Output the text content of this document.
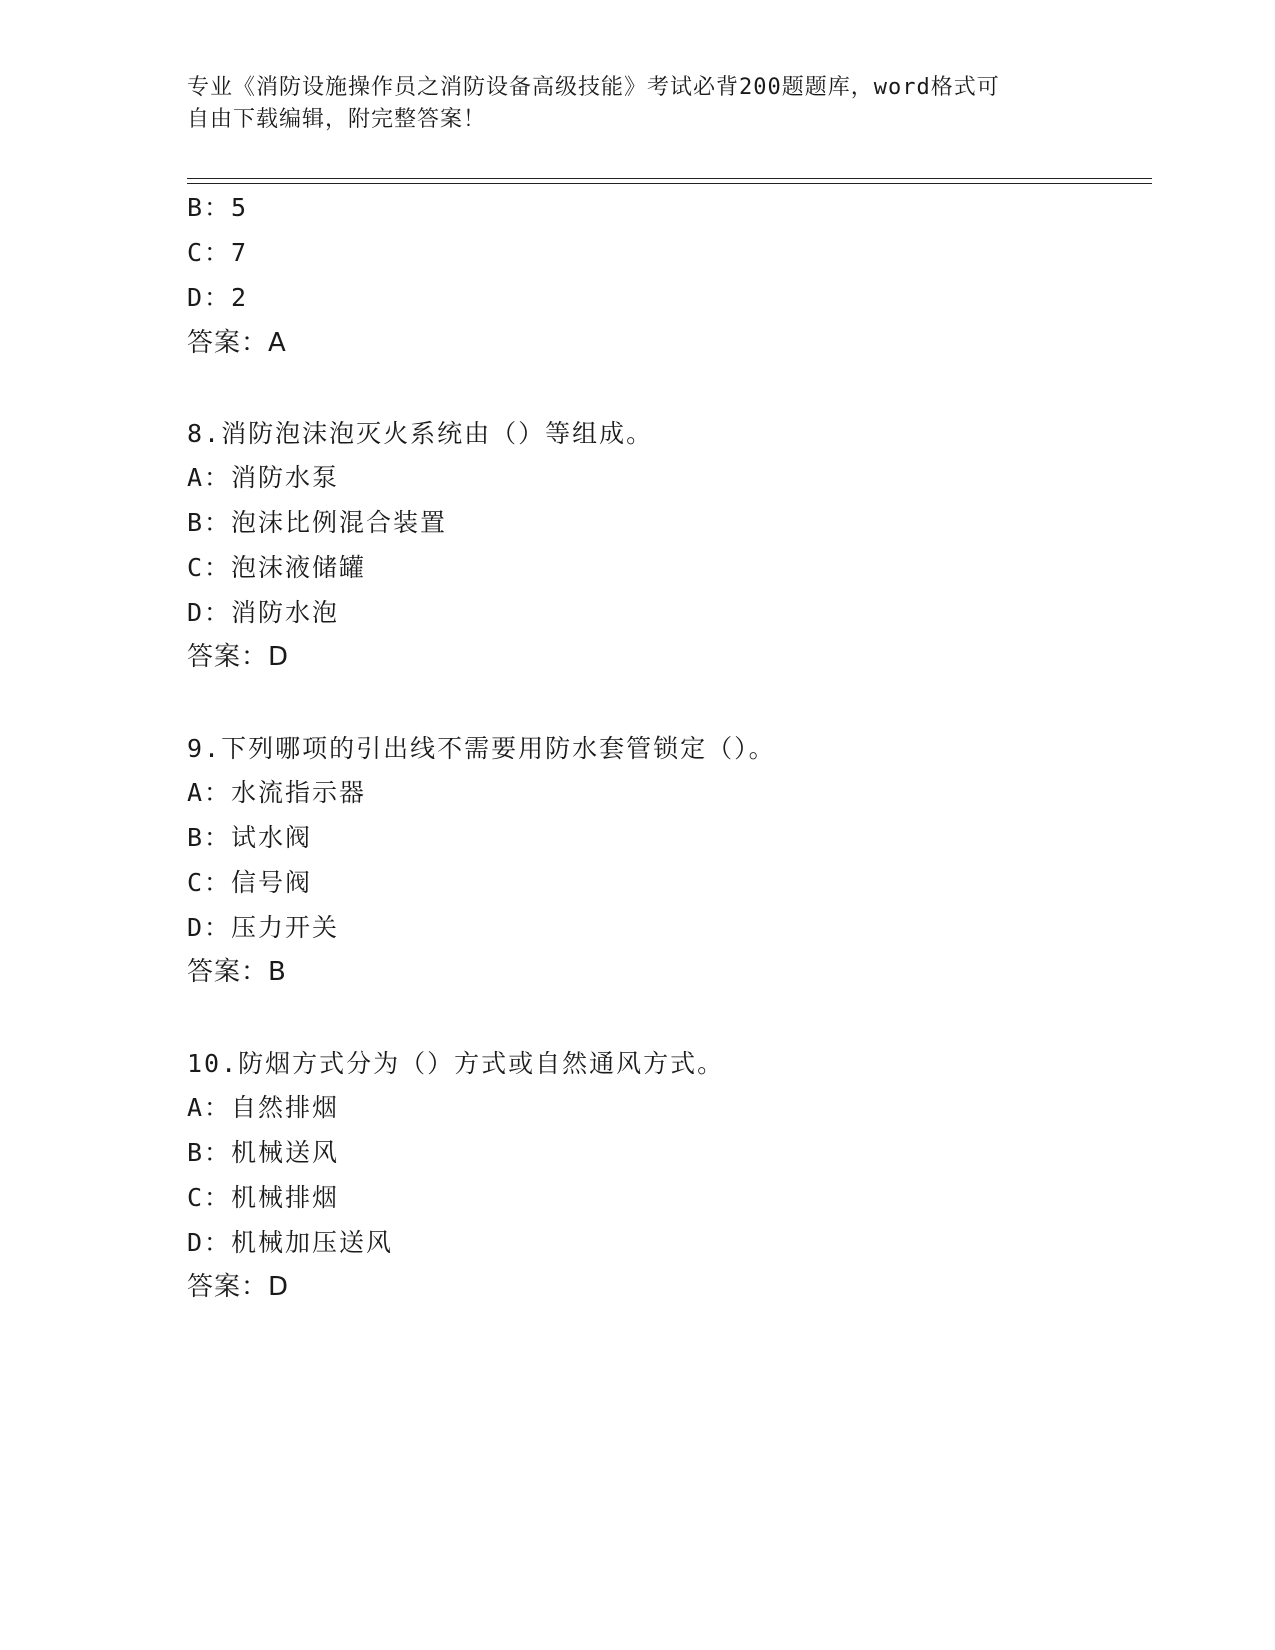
专业《消防设施操作员之消防设备高级技能》考试必背200题题库，word格式可
自由下载编辑，附完整答案！
B：5
C：7
D：2
答案：A
8.消防泡沫泡灭火系统由（）等组成。
A：消防水泵
B：泡沫比例混合装置
C：泡沫液储罐
D：消防水泡
答案：D
9.下列哪项的引出线不需要用防水套管锁定（）。
A：水流指示器
B：试水阀
C：信号阀
D：压力开关
答案：B
10.防烟方式分为（）方式或自然通风方式。
A：自然排烟
B：机械送风
C：机械排烟
D：机械加压送风
答案：D
